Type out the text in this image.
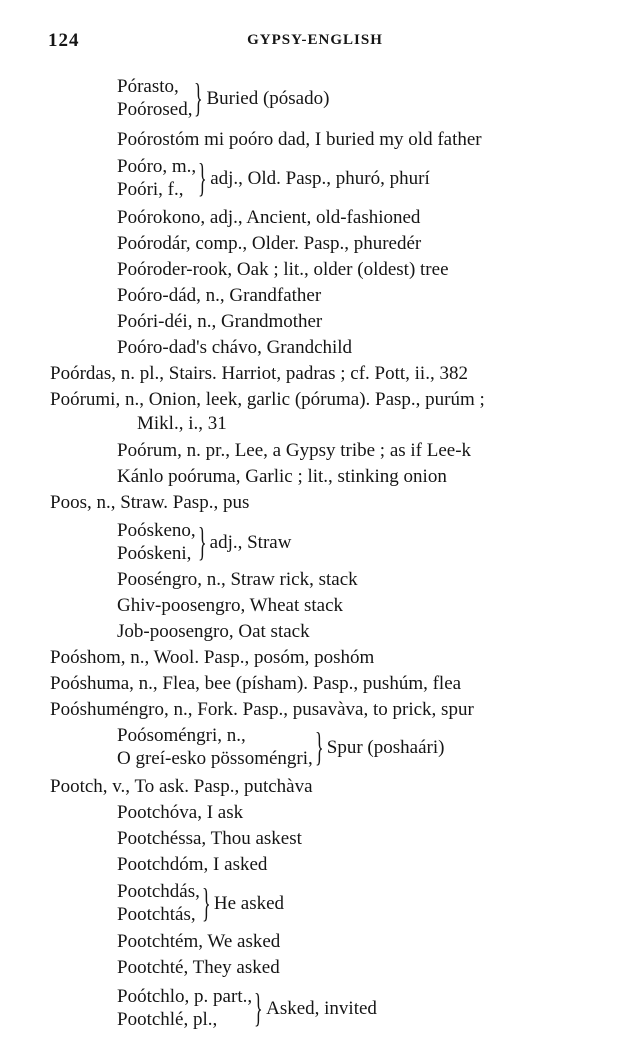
124	GYPSY-ENGLISH
Pórasto,
Poórosed, } Buried (pósado)
Poórostóm mi poóro dad, I buried my old father
Poóro, m.,
Poóri, f., } adj., Old. Pasp., phuró, phurí
Poórokono, adj., Ancient, old-fashioned
Poórodár, comp., Older. Pasp., phuredér
Poóroder-rook, Oak ; lit., older (oldest) tree
Poóro-dád, n., Grandfather
Poóri-déi, n., Grandmother
Poóro-dad's chávo, Grandchild
Poórdas, n. pl., Stairs. Harriot, padras ; cf. Pott, ii., 382
Poórumi, n., Onion, leek, garlic (póruma). Pasp., purúm ;
Mikl., i., 31
Poórum, n. pr., Lee, a Gypsy tribe ; as if Lee-k
Kánlo poóruma, Garlic ; lit., stinking onion
Poos, n., Straw. Pasp., pus
Poóskeno,
Poóskeni, } adj., Straw
Pooséngro, n., Straw rick, stack
Ghiv-poosengro, Wheat stack
Job-poosengro, Oat stack
Poóshom, n., Wool. Pasp., posóm, poshóm
Poóshuma, n., Flea, bee (písham). Pasp., pushúm, flea
Poóshuméngro, n., Fork. Pasp., pusavàva, to prick, spur
Poósoméngri, n.,
O greí-esko pössoméngri, } Spur (poshaári)
Pootch, v., To ask. Pasp., putchàva
Pootchóva, I ask
Pootchéssa, Thou askest
Pootchdóm, I asked
Pootchdás,
Pootchtás, } He asked
Pootchtém, We asked
Pootchté, They asked
Poótchlo, p. part.,
Pootchlé, pl., } Asked, invited
